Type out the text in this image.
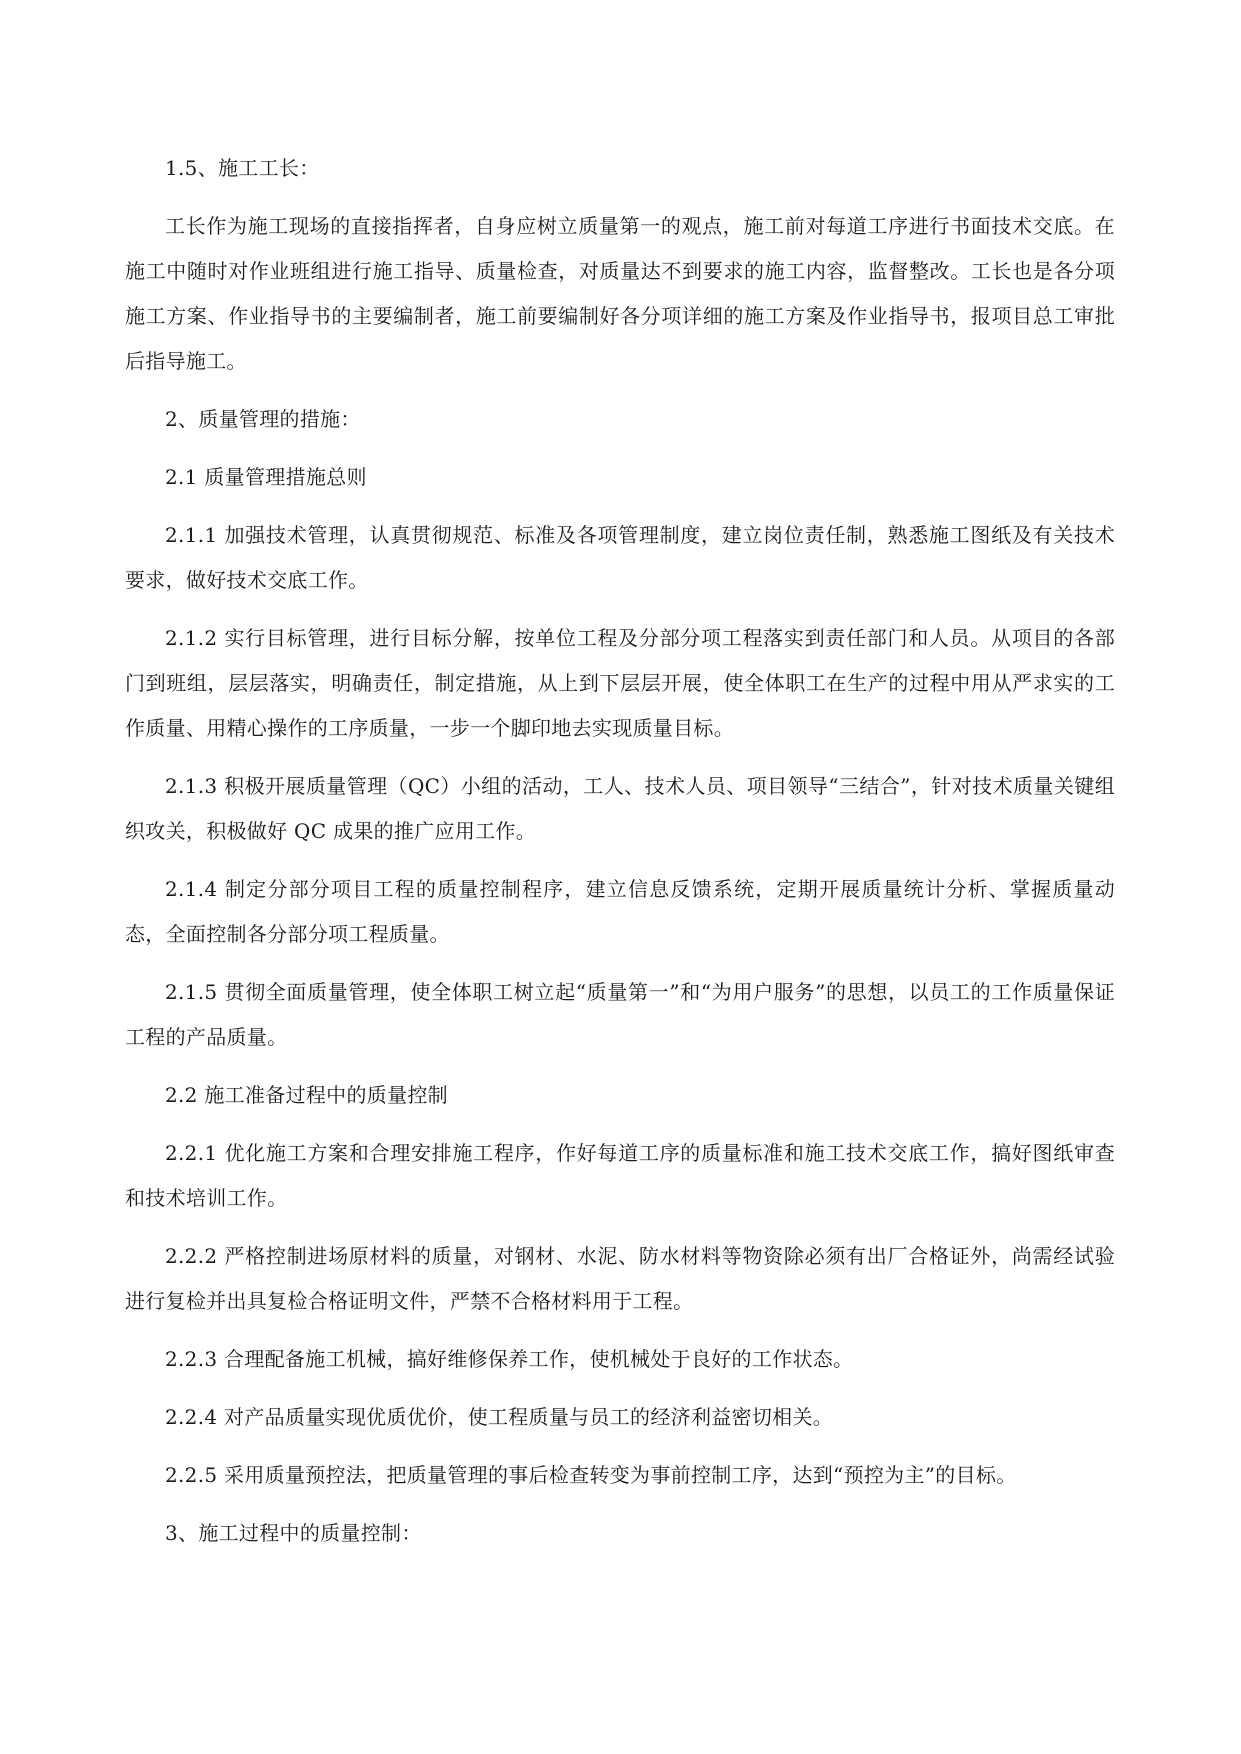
1.5、施工工长：

工长作为施工现场的直接指挥者，自身应树立质量第一的观点，施工前对每道工序进行书面技术交底。在施工中随时对作业班组进行施工指导、质量检查，对质量达不到要求的施工内容，监督整改。工长也是各分项施工方案、作业指导书的主要编制者，施工前要编制好各分项详细的施工方案及作业指导书，报项目总工审批后指导施工。

2、质量管理的措施：

2.1 质量管理措施总则

2.1.1 加强技术管理，认真贯彻规范、标准及各项管理制度，建立岗位责任制，熟悉施工图纸及有关技术要求，做好技术交底工作。

2.1.2 实行目标管理，进行目标分解，按单位工程及分部分项工程落实到责任部门和人员。从项目的各部门到班组，层层落实，明确责任，制定措施，从上到下层层开展，使全体职工在生产的过程中用从严求实的工作质量、用精心操作的工序质量，一步一个脚印地去实现质量目标。

2.1.3 积极开展质量管理（QC）小组的活动，工人、技术人员、项目领导“三结合”，针对技术质量关键组织攻关，积极做好 QC 成果的推广应用工作。

2.1.4 制定分部分项目工程的质量控制程序，建立信息反馈系统，定期开展质量统计分析、掌握质量动态，全面控制各分部分项工程质量。

2.1.5 贯彻全面质量管理，使全体职工树立起“质量第一”和“为用户服务”的思想，以员工的工作质量保证工程的产品质量。

2.2 施工准备过程中的质量控制

2.2.1 优化施工方案和合理安排施工程序，作好每道工序的质量标准和施工技术交底工作，搞好图纸审查和技术培训工作。

2.2.2 严格控制进场原材料的质量，对钢材、水泥、防水材料等物资除必须有出厂合格证外，尚需经试验进行复检并出具复检合格证明文件，严禁不合格材料用于工程。

2.2.3 合理配备施工机械，搞好维修保养工作，使机械处于良好的工作状态。

2.2.4 对产品质量实现优质优价，使工程质量与员工的经济利益密切相关。

2.2.5 采用质量预控法，把质量管理的事后检查转变为事前控制工序，达到“预控为主”的目标。

3、施工过程中的质量控制：
